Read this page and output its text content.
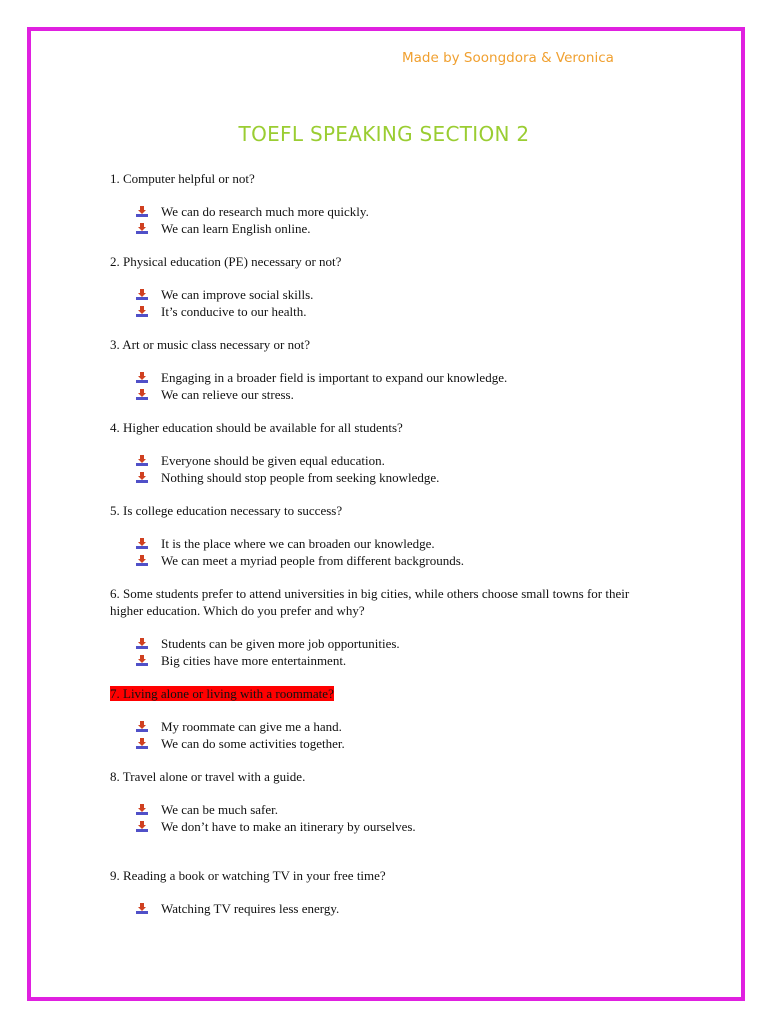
Made by Soongdora & Veronica
TOEFL SPEAKING SECTION 2

1. Computer helpful or not?

We can do research much more quickly.
We can learn English online.

2. Physical education (PE) necessary or not?

We can improve social skills.
It’s conducive to our health.

3. Art or music class necessary or not?

Engaging in a broader field is important to expand our knowledge.
We can relieve our stress.

4. Higher education should be available for all students?

Everyone should be given equal education.
Nothing should stop people from seeking knowledge.

5. Is college education necessary to success?

It is the place where we can broaden our knowledge.
We can meet a myriad people from different backgrounds.

6. Some students prefer to attend universities in big cities, while others choose small towns for their higher education. Which do you prefer and why?

Students can be given more job opportunities.
Big cities have more entertainment.

7. Living alone or living with a roommate?

My roommate can give me a hand.
We can do some activities together.

8. Travel alone or travel with a guide.

We can be much safer.
We don’t have to make an itinerary by ourselves.

9. Reading a book or watching TV in your free time?

Watching TV requires less energy.
